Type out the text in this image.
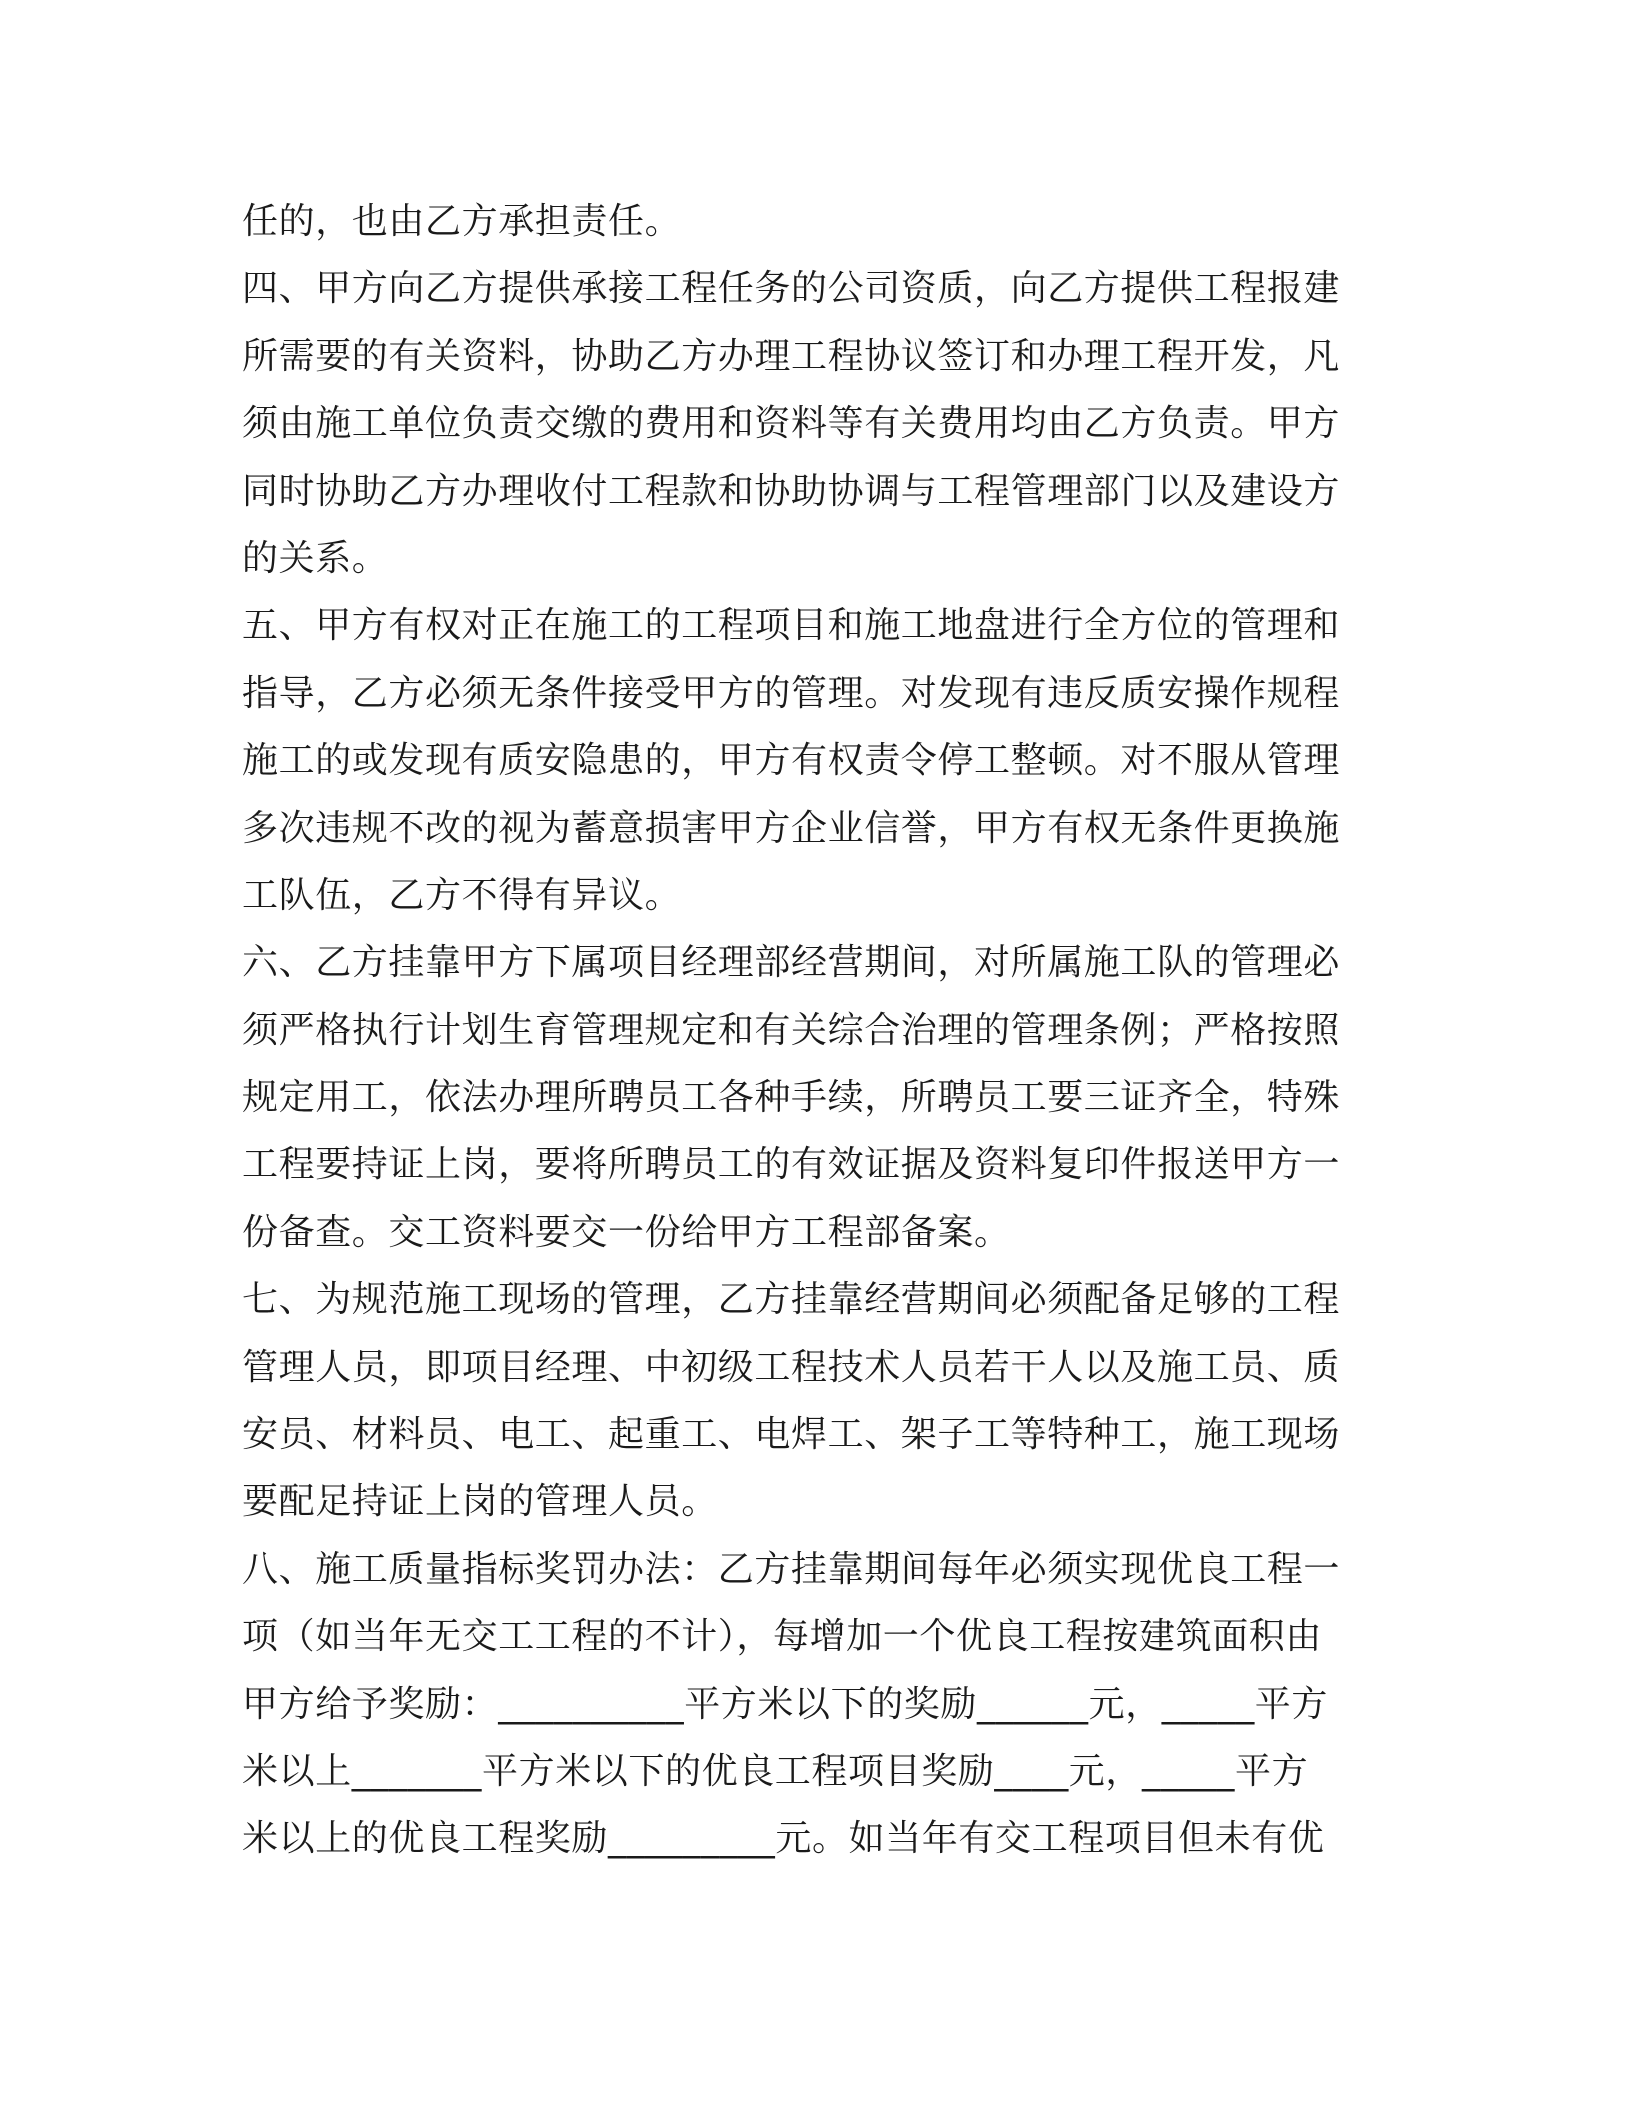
任的，也由乙方承担责任。
四、甲方向乙方提供承接工程任务的公司资质，向乙方提供工程报建
所需要的有关资料，协助乙方办理工程协议签订和办理工程开发，凡
须由施工单位负责交缴的费用和资料等有关费用均由乙方负责。甲方
同时协助乙方办理收付工程款和协助协调与工程管理部门以及建设方
的关系。
五、甲方有权对正在施工的工程项目和施工地盘进行全方位的管理和
指导，乙方必须无条件接受甲方的管理。对发现有违反质安操作规程
施工的或发现有质安隐患的，甲方有权责令停工整顿。对不服从管理
多次违规不改的视为蓄意损害甲方企业信誉，甲方有权无条件更换施
工队伍，乙方不得有异议。
六、乙方挂靠甲方下属项目经理部经营期间，对所属施工队的管理必
须严格执行计划生育管理规定和有关综合治理的管理条例；严格按照
规定用工，依法办理所聘员工各种手续，所聘员工要三证齐全，特殊
工程要持证上岗，要将所聘员工的有效证据及资料复印件报送甲方一
份备查。交工资料要交一份给甲方工程部备案。
七、为规范施工现场的管理，乙方挂靠经营期间必须配备足够的工程
管理人员，即项目经理、中初级工程技术人员若干人以及施工员、质
安员、材料员、电工、起重工、电焊工、架子工等特种工，施工现场
要配足持证上岗的管理人员。
八、施工质量指标奖罚办法：乙方挂靠期间每年必须实现优良工程一
项（如当年无交工工程的不计），每增加一个优良工程按建筑面积由
甲方给予奖励：__________平方米以下的奖励______元，_____平方
米以上_______平方米以下的优良工程项目奖励____元，_____平方
米以上的优良工程奖励_________元。如当年有交工程项目但未有优
